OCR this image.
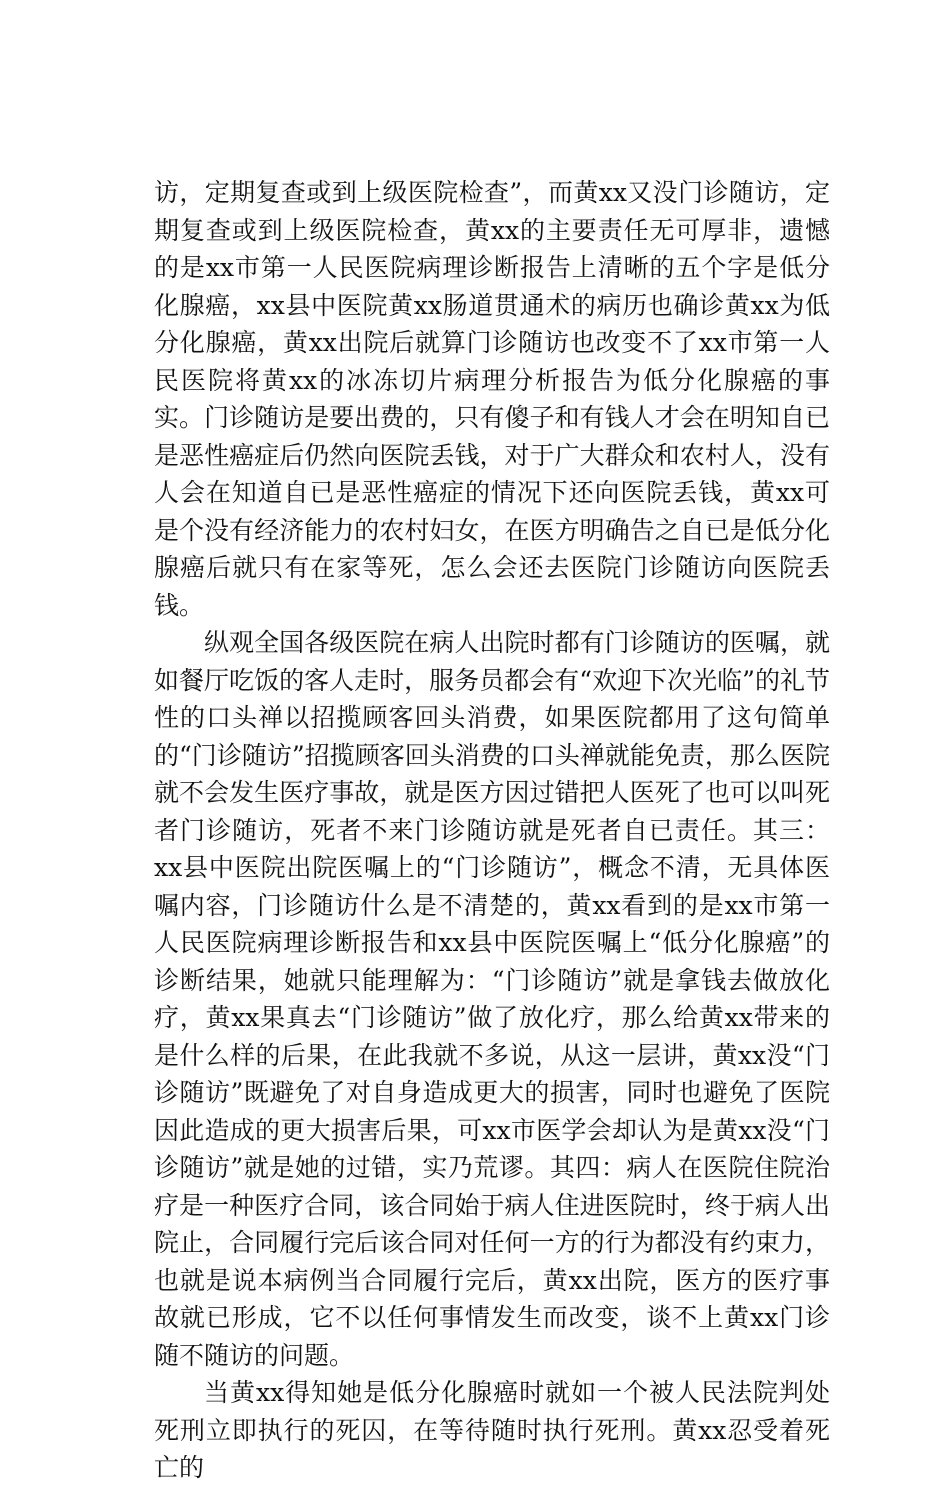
访，定期复查或到上级医院检查”，而黄xx又没门诊随访，定期复查或到上级医院检查，黄xx的主要责任无可厚非，遗憾的是xx市第一人民医院病理诊断报告上清晰的五个字是低分化腺癌，xx县中医院黄xx肠道贯通术的病历也确诊黄xx为低分化腺癌，黄xx出院后就算门诊随访也改变不了xx市第一人民医院将黄xx的冰冻切片病理分析报告为低分化腺癌的事实。门诊随访是要出费的，只有傻子和有钱人才会在明知自已是恶性癌症后仍然向医院丢钱，对于广大群众和农村人，没有人会在知道自已是恶性癌症的情况下还向医院丢钱，黄xx可是个没有经济能力的农村妇女，在医方明确告之自已是低分化腺癌后就只有在家等死，怎么会还去医院门诊随访向医院丢钱。

纵观全国各级医院在病人出院时都有门诊随访的医嘱，就如餐厅吃饭的客人走时，服务员都会有“欢迎下次光临”的礼节性的口头禅以招揽顾客回头消费，如果医院都用了这句简单的“门诊随访”招揽顾客回头消费的口头禅就能免责，那么医院就不会发生医疗事故，就是医方因过错把人医死了也可以叫死者门诊随访，死者不来门诊随访就是死者自已责任。其三：xx县中医院出院医嘱上的“门诊随访”，概念不清，无具体医嘱内容，门诊随访什么是不清楚的，黄xx看到的是xx市第一人民医院病理诊断报告和xx县中医院医嘱上“低分化腺癌”的诊断结果，她就只能理解为：“门诊随访”就是拿钱去做放化疗，黄xx果真去“门诊随访”做了放化疗，那么给黄xx带来的是什么样的后果，在此我就不多说，从这一层讲，黄xx没“门诊随访”既避免了对自身造成更大的损害，同时也避免了医院因此造成的更大损害后果，可xx市医学会却认为是黄xx没“门诊随访”就是她的过错，实乃荒谬。其四：病人在医院住院治疗是一种医疗合同，该合同始于病人住进医院时，终于病人出院止，合同履行完后该合同对任何一方的行为都没有约束力，也就是说本病例当合同履行完后，黄xx出院，医方的医疗事故就已形成，它不以任何事情发生而改变，谈不上黄xx门诊随不随访的问题。

当黄xx得知她是低分化腺癌时就如一个被人民法院判处死刑立即执行的死囚，在等待随时执行死刑。黄xx忍受着死亡的
